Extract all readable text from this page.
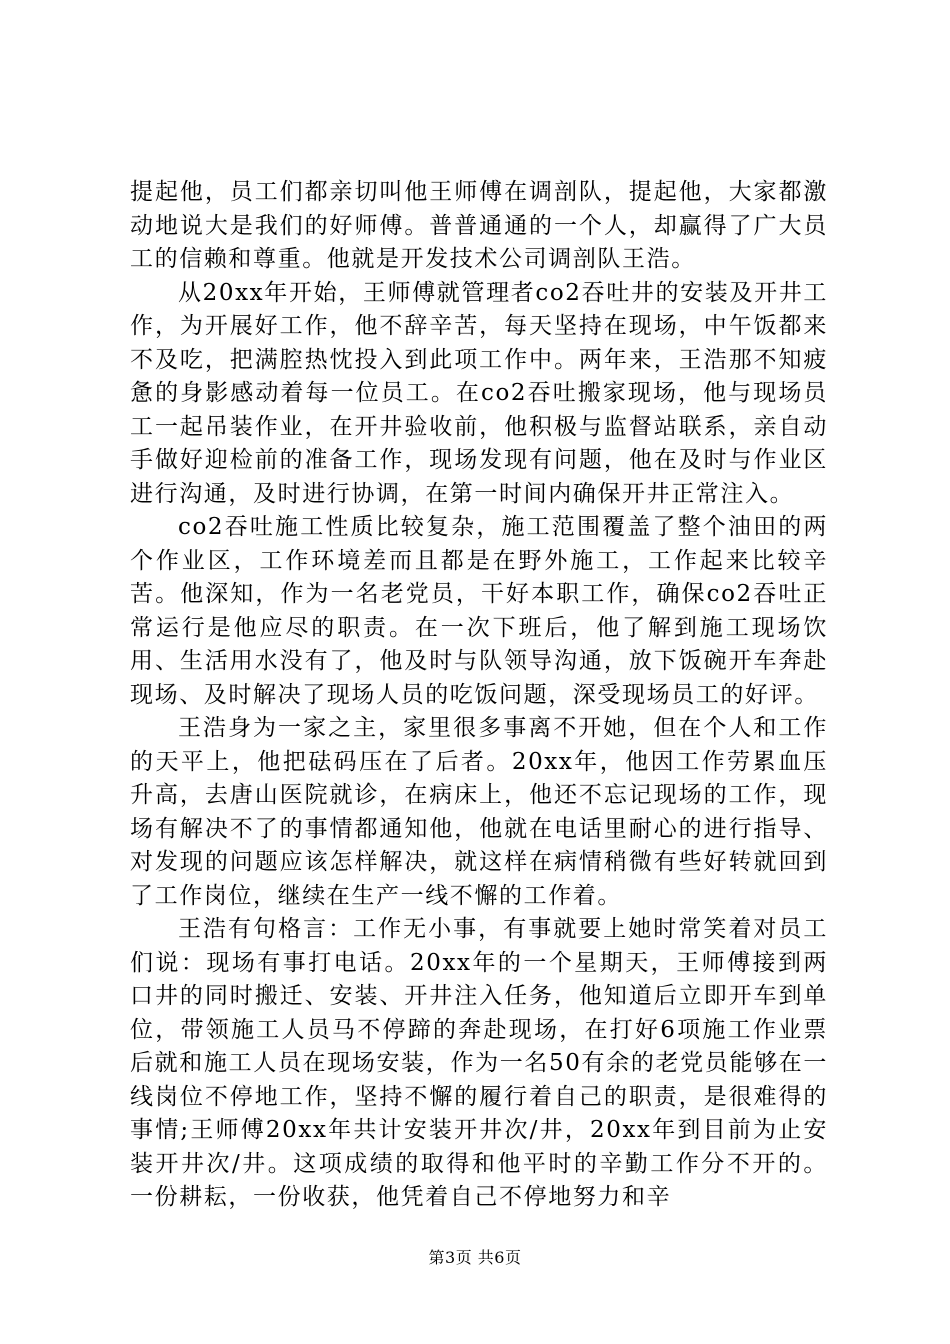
提起他，员工们都亲切叫他王师傅在调剖队，提起他，大家都激动地说大是我们的好师傅。普普通通的一个人，却赢得了广大员工的信赖和尊重。他就是开发技术公司调剖队王浩。

从20xx年开始，王师傅就管理者co2吞吐井的安装及开井工作，为开展好工作，他不辞辛苦，每天坚持在现场，中午饭都来不及吃，把满腔热忱投入到此项工作中。两年来，王浩那不知疲惫的身影感动着每一位员工。在co2吞吐搬家现场，他与现场员工一起吊装作业，在开井验收前，他积极与监督站联系，亲自动手做好迎检前的准备工作，现场发现有问题，他在及时与作业区进行沟通，及时进行协调，在第一时间内确保开井正常注入。

co2吞吐施工性质比较复杂，施工范围覆盖了整个油田的两个作业区，工作环境差而且都是在野外施工，工作起来比较辛苦。他深知，作为一名老党员，干好本职工作，确保co2吞吐正常运行是他应尽的职责。在一次下班后，他了解到施工现场饮用、生活用水没有了，他及时与队领导沟通，放下饭碗开车奔赴现场、及时解决了现场人员的吃饭问题，深受现场员工的好评。

王浩身为一家之主，家里很多事离不开她，但在个人和工作的天平上，他把砝码压在了后者。20xx年，他因工作劳累血压升高，去唐山医院就诊，在病床上，他还不忘记现场的工作，现场有解决不了的事情都通知他，他就在电话里耐心的进行指导、对发现的问题应该怎样解决，就这样在病情稍微有些好转就回到了工作岗位，继续在生产一线不懈的工作着。

王浩有句格言：工作无小事，有事就要上她时常笑着对员工们说：现场有事打电话。20xx年的一个星期天，王师傅接到两口井的同时搬迁、安装、开井注入任务，他知道后立即开车到单位，带领施工人员马不停蹄的奔赴现场，在打好6项施工作业票后就和施工人员在现场安装，作为一名50有余的老党员能够在一线岗位不停地工作，坚持不懈的履行着自己的职责，是很难得的事情;王师傅20xx年共计安装开井次/井，20xx年到目前为止安装开井次/井。这项成绩的取得和他平时的辛勤工作分不开的。一份耕耘，一份收获，他凭着自己不停地努力和辛

第3页 共6页
